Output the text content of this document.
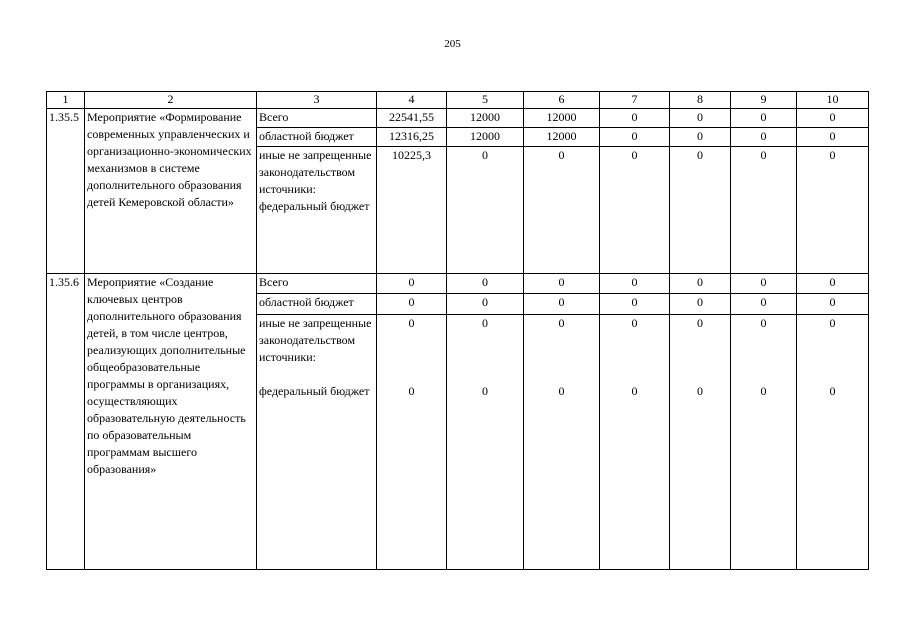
205
1	2	3	4	5	6	7	8	9	10
1.35.5	Мероприятие «Формирование современных управленческих и организационно-экономических механизмов в системе дополнительного образования детей Кемеровской области»	Всего	22541,55	12000	12000	0	0	0	0
		областной бюджет	12316,25	12000	12000	0	0	0	0
		иные не запрещенные законодательством источники: федеральный бюджет	10225,3	0	0	0	0	0	0
1.35.6	Мероприятие «Создание ключевых центров дополнительного образования детей, в том числе центров, реализующих дополнительные общеобразовательные программы в организациях, осуществляющих образовательную деятельность по образовательным программам высшего образования»	Всего	0	0	0	0	0	0	0
		областной бюджет	0	0	0	0	0	0	0
		иные не запрещенные законодательством источники:	0	0	0	0	0	0	0
		федеральный бюджет	0	0	0	0	0	0	0
